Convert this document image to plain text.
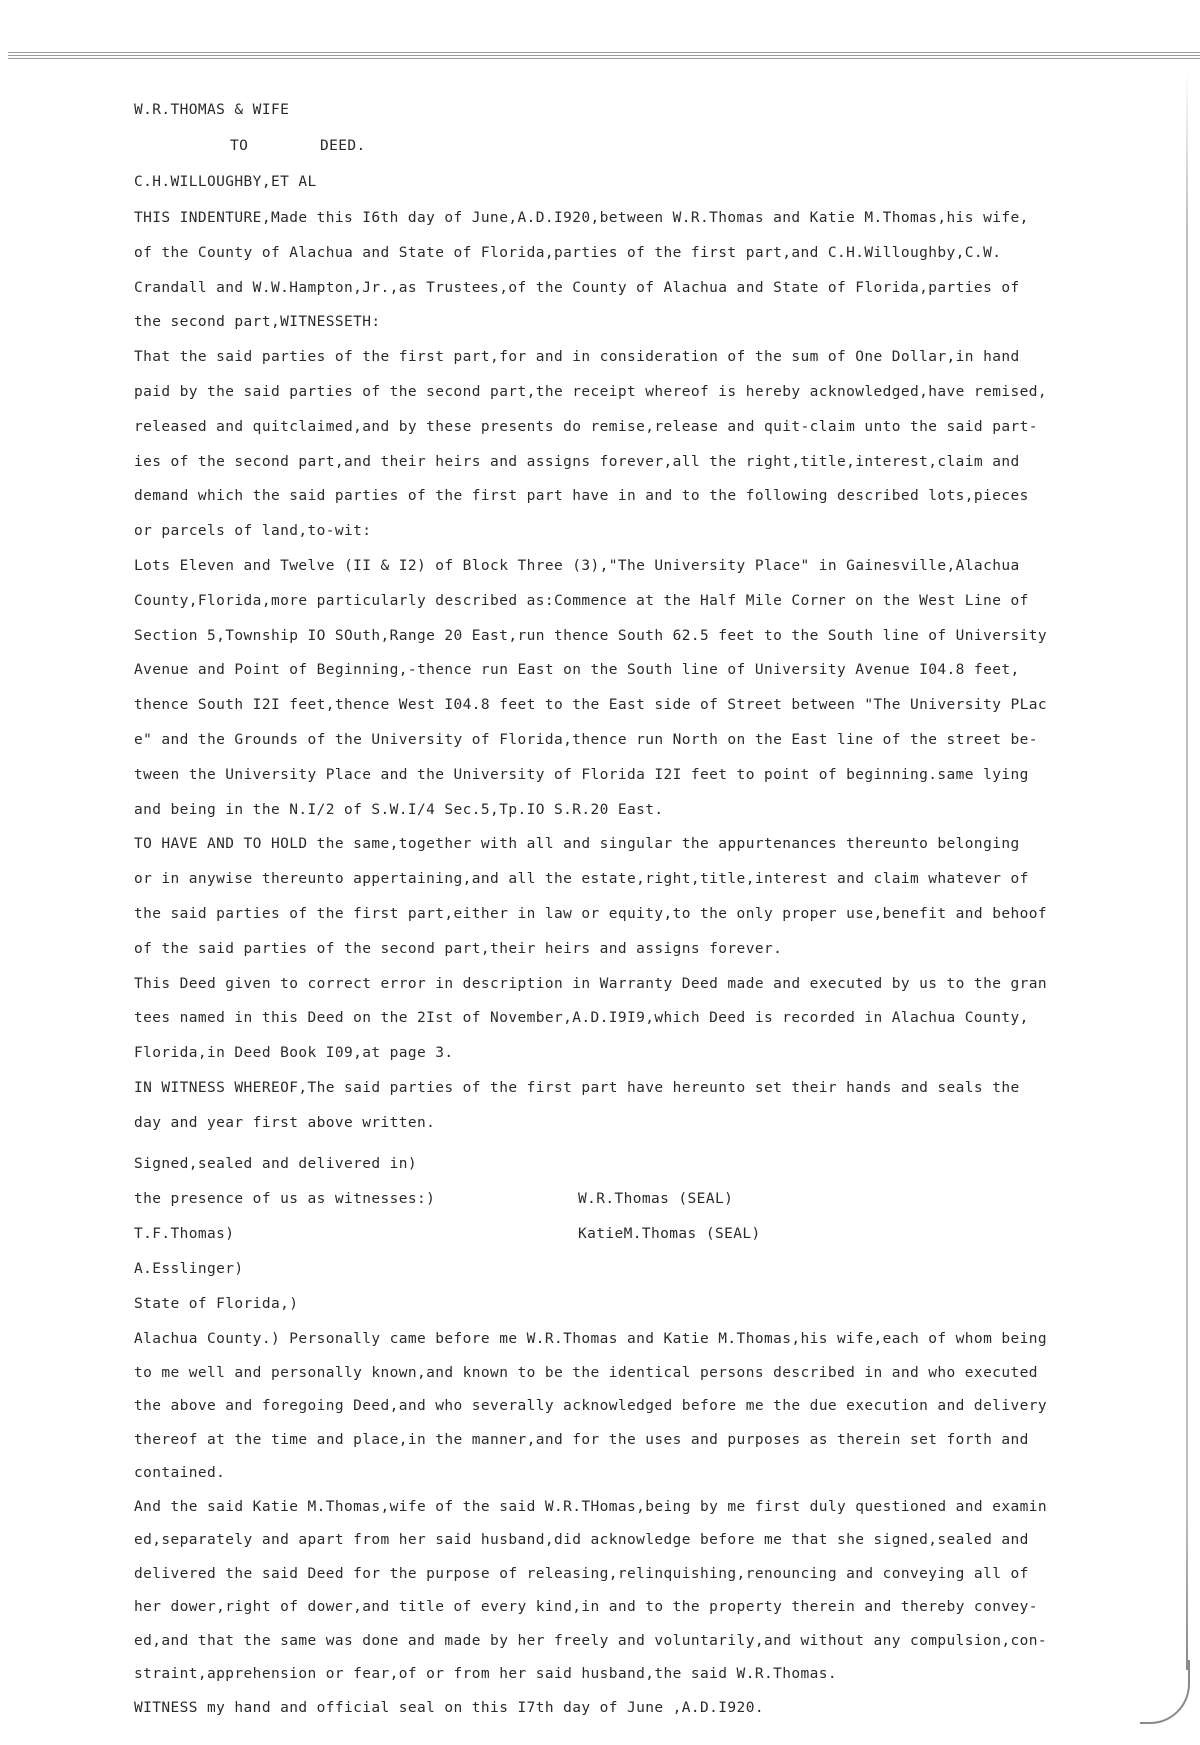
W.R.THOMAS & WIFE
TO	DEED.
C.H.WILLOUGHBY,ET AL
THIS INDENTURE,Made this I6th day of June,A.D.I920,between W.R.Thomas and Katie M.Thomas,his wife,
of the County of Alachua and State of Florida,parties of the first part,and C.H.Willoughby,C.W.
Crandall and W.W.Hampton,Jr.,as Trustees,of the County of Alachua and State of Florida,parties of
the second part,WITNESSETH:
That the said parties of the first part,for and in consideration of the sum of One Dollar,in hand
paid by the said parties of the second part,the receipt whereof is hereby acknowledged,have remised,
released and quitclaimed,and by these presents do remise,release and quit-claim unto the said part-
ies of the second part,and their heirs and assigns forever,all the right,title,interest,claim and
demand which the said parties of the first part have in and to the following described lots,pieces
or parcels of land,to-wit:
Lots Eleven and Twelve (II & I2) of Block Three (3),"The University Place" in Gainesville,Alachua
County,Florida,more particularly described as:Commence at the Half Mile Corner on the West Line of
Section 5,Township IO SOuth,Range 20 East,run thence South 62.5 feet to the South line of University
Avenue and Point of Beginning,-thence run East on the South line of University Avenue I04.8 feet,
thence South I2I feet,thence West I04.8 feet to the East side of Street between "The University PLac
e" and the Grounds of the University of Florida,thence run North on the East line of the street be-
tween the University Place and the University of Florida I2I feet to point of beginning.same lying
and being in the N.I/2 of S.W.I/4 Sec.5,Tp.IO S.R.20 East.
TO HAVE AND TO HOLD the same,together with all and singular the appurtenances thereunto belonging
or in anywise thereunto appertaining,and all the estate,right,title,interest and claim whatever of
the said parties of the first part,either in law or equity,to the only proper use,benefit and behoof
of the said parties of the second part,their heirs and assigns forever.
This Deed given to correct error in description in Warranty Deed made and executed by us to the gran
tees named in this Deed on the 2Ist of November,A.D.I9I9,which Deed is recorded in Alachua County,
Florida,in Deed Book I09,at page 3.
IN WITNESS WHEREOF,The said parties of the first part have hereunto set their hands and seals the
day and year first above written.
Signed,sealed and delivered in)
the presence of us as witnesses:)
T.F.Thomas)
A.Esslinger)
W.R.Thomas (SEAL)
KatieM.Thomas (SEAL)
State of Florida,)
Alachua County.) Personally came before me W.R.Thomas and Katie M.Thomas,his wife,each of whom being
to me well and personally known,and known to be the identical persons described in and who executed
the above and foregoing Deed,and who severally acknowledged before me the due execution and delivery
thereof at the time and place,in the manner,and for the uses and purposes as therein set forth and
contained.
And the said Katie M.Thomas,wife of the said W.R.THomas,being by me first duly questioned and examin
ed,separately and apart from her said husband,did acknowledge before me that she signed,sealed and
delivered the said Deed for the purpose of releasing,relinquishing,renouncing and conveying all of
her dower,right of dower,and title of every kind,in and to the property therein and thereby convey-
ed,and that the same was done and made by her freely and voluntarily,and without any compulsion,con-
straint,apprehension or fear,of or from her said husband,the said W.R.Thomas.
WITNESS my hand and official seal on this I7th day of June ,A.D.I920.
